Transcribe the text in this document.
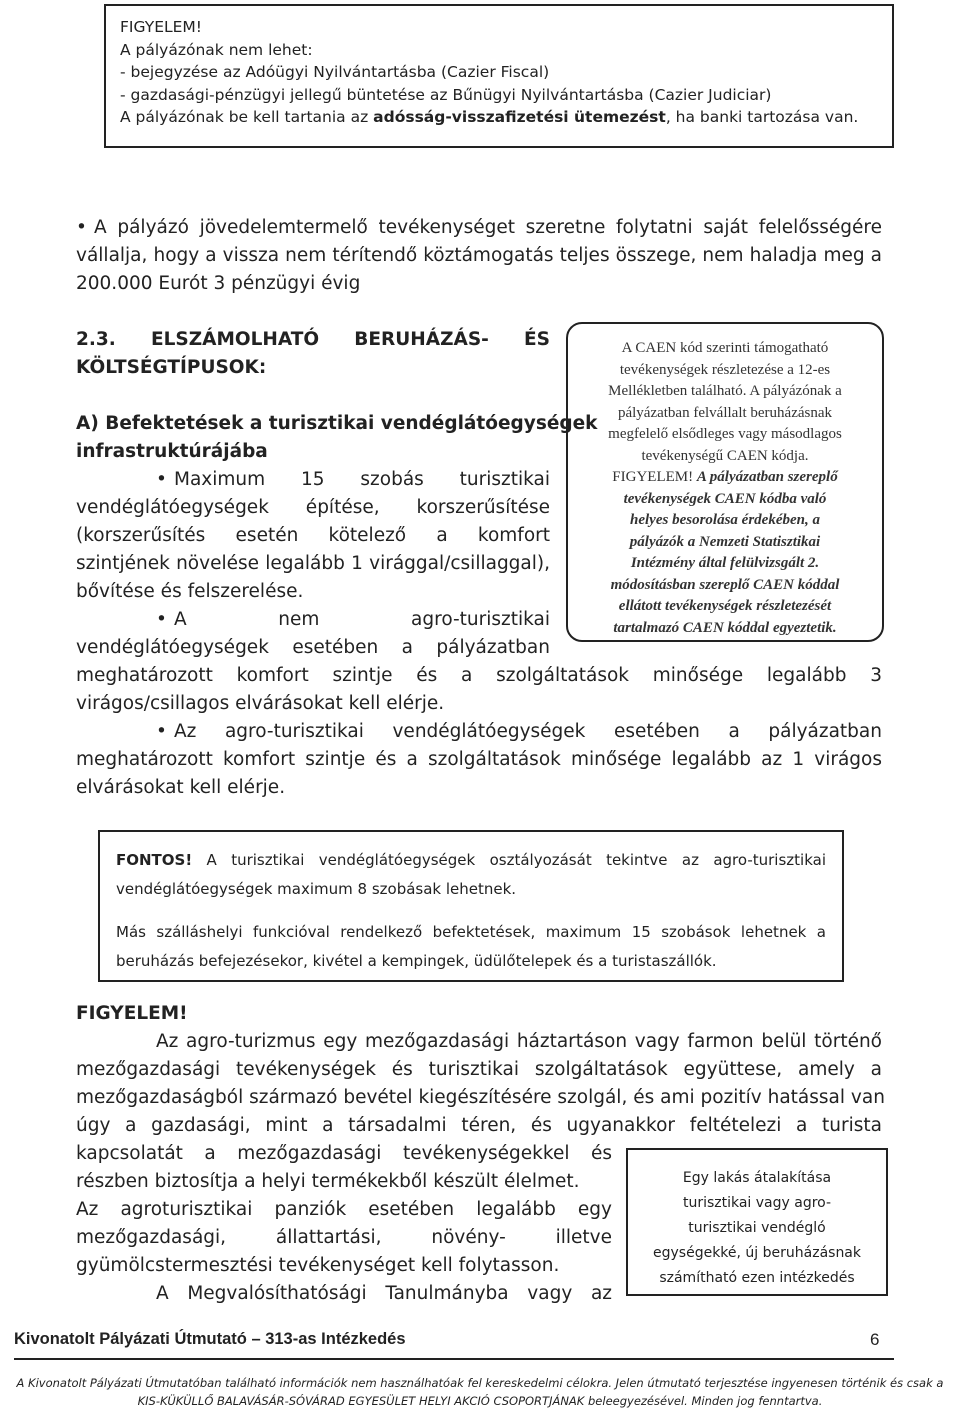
FIGYELEM!
A pályázónak nem lehet:
- bejegyzése az Adóügyi Nyilvántartásba (Cazier Fiscal)
- gazdasági-pénzügyi jellegű büntetése az Bűnügyi Nyilvántartásba (Cazier Judiciar)
A pályázónak be kell tartania az adósság-visszafizetési ütemezést, ha banki tartozása van.
• A pályázó jövedelemtermelő tevékenységet szeretne folytatni saját felelősségére
vállalja, hogy a vissza nem térítendő köztámogatás teljes összege, nem haladja meg a
200.000 Eurót 3 pénzügyi évig
2.3. ELSZÁMOLHATÓ BERUHÁZÁS- ÉS
KÖLTSÉGTÍPUSOK:
A) Befektetések a turisztikai vendéglátóegységek
infrastruktúrájába
• Maximum 15 szobás turisztikai
vendéglátóegységek építése, korszerűsítése
(korszerűsítés esetén kötelező a komfort
szintjének növelése legalább 1 virággal/csillaggal),
bővítése és felszerelése.
• A nem agro-turisztikai
vendéglátóegységek esetében a pályázatban
meghatározott komfort szintje és a szolgáltatások minősége legalább 3
virágos/csillagos elvárásokat kell elérje.
• Az agro-turisztikai vendéglátóegységek esetében a pályázatban
meghatározott komfort szintje és a szolgáltatások minősége legalább az 1 virágos
elvárásokat kell elérje.
A CAEN kód szerinti támogatható
tevékenységek részletezése a 12-es
Mellékletben található. A pályázónak a
pályázatban felvállalt beruházásnak
megfelelő elsődleges vagy másodlagos
tevékenységű CAEN kódja.
FIGYELEM! A pályázatban szereplő
tevékenységek CAEN kódba való
helyes besorolása érdekében, a
pályázók a Nemzeti Statisztikai
Intézmény által felülvizsgált 2.
módosításban szereplő CAEN kóddal
ellátott tevékenységek részletezését
tartalmazó CAEN kóddal egyeztetik.
FONTOS! A turisztikai vendéglátóegységek osztályozását tekintve az agro-turisztikai
vendéglátóegységek maximum 8 szobásak lehetnek.
Más szálláshelyi funkcióval rendelkező befektetések, maximum 15 szobások lehetnek a
beruházás befejezésekor, kivétel a kempingek, üdülőtelepek és a turistaszállók.
FIGYELEM!
Az agro-turizmus egy mezőgazdasági háztartáson vagy farmon belül történő
mezőgazdasági tevékenységek és turisztikai szolgáltatások együttese, amely a
mezőgazdaságból származó bevétel kiegészítésére szolgál, és ami pozitív hatással van
úgy a gazdasági, mint a társadalmi téren, és ugyanakkor feltételezi a turista
kapcsolatát a mezőgazdasági tevékenységekkel és
részben biztosítja a helyi termékekből készült élelmet.
Az agroturisztikai panziók esetében legalább egy
mezőgazdasági, állattartási, növény- illetve
gyümölcstermesztési tevékenységet kell folytasson.
A Megvalósíthatósági Tanulmányba vagy az
Egy lakás átalakítása
turisztikai vagy agro-
turisztikai vendégló
egységekké, új beruházásnak
számítható ezen intézkedés
Kivonatolt Pályázati Útmutató – 313-as Intézkedés	6
A Kivonatolt Pályázati Útmutatóban található információk nem használhatóak fel kereskedelmi célokra. Jelen útmutató terjesztése ingyenesen történik és csak a
KIS-KÜKÜLLŐ BALAVÁSÁR-SÓVÁRAD EGYESÜLET HELYI AKCIÓ CSOPORTJÁNAK beleegyezésével. Minden jog fenntartva.
